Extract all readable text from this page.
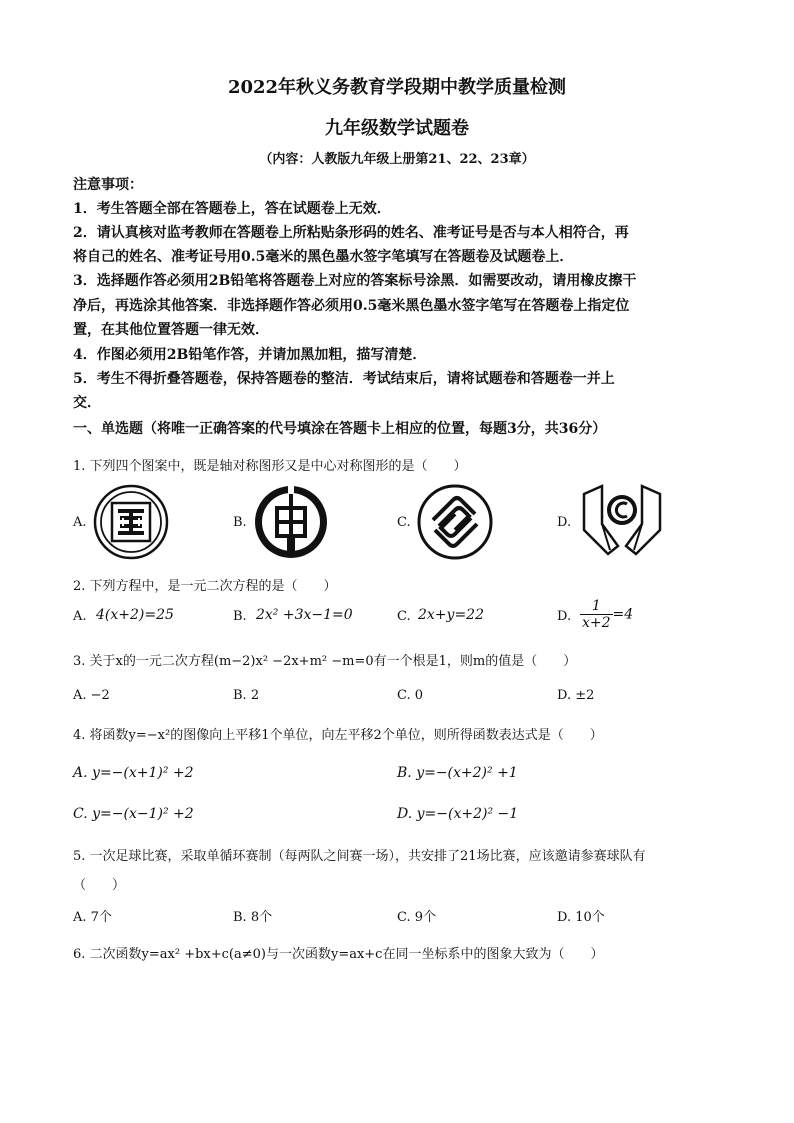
2022年秋义务教育学段期中教学质量检测
九年级数学试题卷
（内容：人教版九年级上册第21、22、23章）
注意事项：
1．考生答题全部在答题卷上，答在试题卷上无效．
2．请认真核对监考教师在答题卷上所粘贴条形码的姓名、准考证号是否与本人相符合，再
将自己的姓名、准考证号用0.5毫米的黑色墨水签字笔填写在答题卷及试题卷上．
3．选择题作答必须用2B铅笔将答题卷上对应的答案标号涂黑．如需要改动，请用橡皮擦干
净后，再选涂其他答案．非选择题作答必须用0.5毫米黑色墨水签字笔写在答题卷上指定位
置，在其他位置答题一律无效．
4．作图必须用2B铅笔作答，并请加黑加粗，描写清楚．
5．考生不得折叠答题卷，保持答题卷的整洁．考试结束后，请将试题卷和答题卷一并上
交．
一、单选题（将唯一正确答案的代号填涂在答题卡上相应的位置，每题3分，共36分）
1. 下列四个图案中，既是轴对称图形又是中心对称图形的是（　　）
A.	B.	C.	D.
2. 下列方程中，是一元二次方程的是（　　）
A. 4(x+2)=25	B. 2x² +3x−1=0	C. 2x+y=22	D. $\frac{1}{x+2} =4$
3. 关于x的一元二次方程(m−2)x² −2x+m² −m=0有一个根是1，则m的值是（　　）
A. −2	B. 2	C. 0	D. ±2
4. 将函数y=−x²的图像向上平移1个单位，向左平移2个单位，则所得函数表达式是（　　）
A. y=−(x+1)² +2	B. y=−(x+2)² +1
C. y=−(x−1)² +2	D. y=−(x+2)² −1
5. 一次足球比赛，采取单循环赛制（每两队之间赛一场），共安排了21场比赛，应该邀请参赛球队有
（　　）
A. 7个	B. 8个	C. 9个	D. 10个
6. 二次函数y=ax² +bx+c(a≠0)与一次函数y=ax+c在同一坐标系中的图象大致为（　　）
